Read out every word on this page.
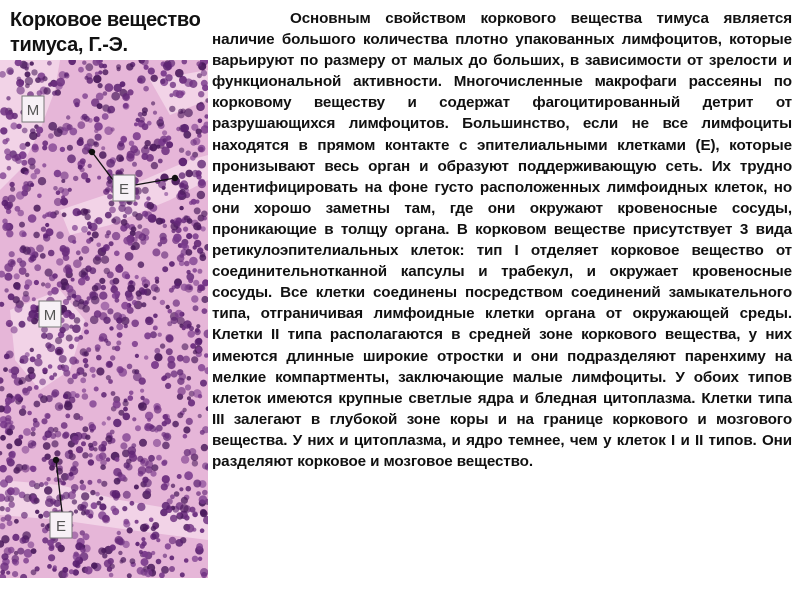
Корковое вещество тимуса, Г.-Э.
M
E
M
E

Основным свойством коркового вещества тимуса является наличие большого количества плотно упакованных лимфоцитов, которые варьируют по размеру от малых до больших, в зависимости от зрелости и функциональной активности. Многочисленные макрофаги рассеяны по корковому веществу и содержат фагоцитированный детрит от разрушающихся лимфоцитов. Большинство, если не все лимфоциты находятся в прямом контакте с эпителиальными клетками (Е), которые пронизывают весь орган и образуют поддерживающую сеть. Их трудно идентифицировать на фоне густо расположенных лимфоидных клеток, но они хорошо заметны там, где они окружают кровеносные сосуды, проникающие в толщу органа. В корковом веществе присутствует 3 вида ретикулоэпителиальных клеток: тип I отделяет корковое вещество от соединительнотканной капсулы и трабекул, и окружает кровеносные сосуды. Все клетки соединены посредством соединений замыкательного типа, отграничивая лимфоидные клетки органа от окружающей среды. Клетки II типа располагаются в средней зоне коркового вещества, у них имеются длинные широкие отростки и они подразделяют паренхиму на мелкие компартменты, заключающие малые лимфоциты. У обоих типов клеток имеются крупные светлые ядра и бледная цитоплазма. Клетки типа III залегают в глубокой зоне коры и на границе коркового и мозгового вещества. У них и цитоплазма, и ядро темнее, чем у клеток I и II типов. Они разделяют корковое и мозговое вещество.
